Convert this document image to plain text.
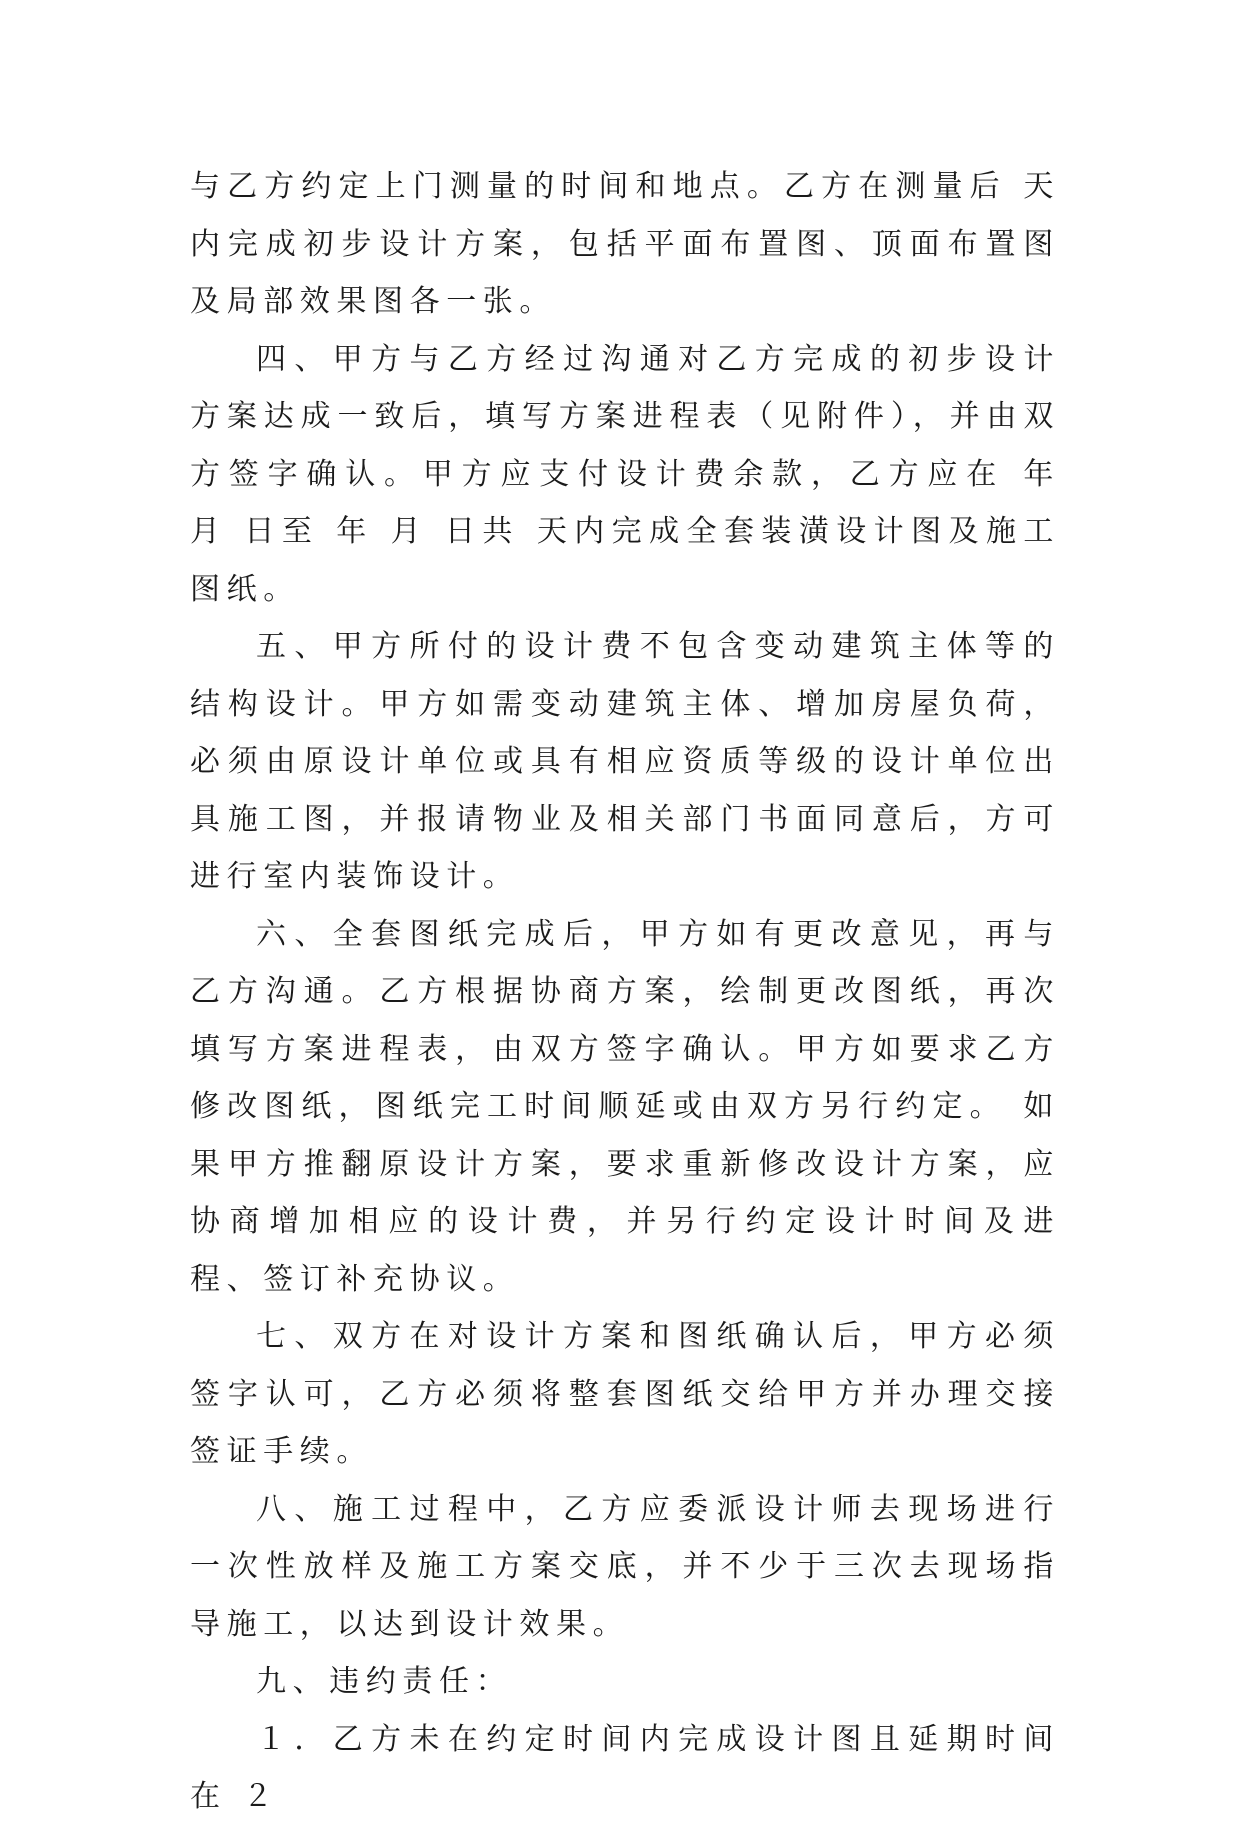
与乙方约定上门测量的时间和地点。乙方在测量后 天内完成初步设计方案，包括平面布置图、顶面布置图及局部效果图各一张。

四、甲方与乙方经过沟通对乙方完成的初步设计方案达成一致后，填写方案进程表（见附件），并由双方签字确认。甲方应支付设计费余款，乙方应在 年 月 日至 年 月 日共 天内完成全套装潢设计图及施工图纸。

五、甲方所付的设计费不包含变动建筑主体等的结构设计。甲方如需变动建筑主体、增加房屋负荷，必须由原设计单位或具有相应资质等级的设计单位出具施工图，并报请物业及相关部门书面同意后，方可进行室内装饰设计。

六、全套图纸完成后，甲方如有更改意见，再与乙方沟通。乙方根据协商方案，绘制更改图纸，再次填写方案进程表，由双方签字确认。甲方如要求乙方修改图纸，图纸完工时间顺延或由双方另行约定。 如果甲方推翻原设计方案，要求重新修改设计方案，应协商增加相应的设计费，并另行约定设计时间及进程、签订补充协议。

七、双方在对设计方案和图纸确认后，甲方必须签字认可，乙方必须将整套图纸交给甲方并办理交接签证手续。

八、施工过程中，乙方应委派设计师去现场进行一次性放样及施工方案交底，并不少于三次去现场指导施工，以达到设计效果。

九、违约责任：

１．乙方未在约定时间内完成设计图且延期时间在 ２
